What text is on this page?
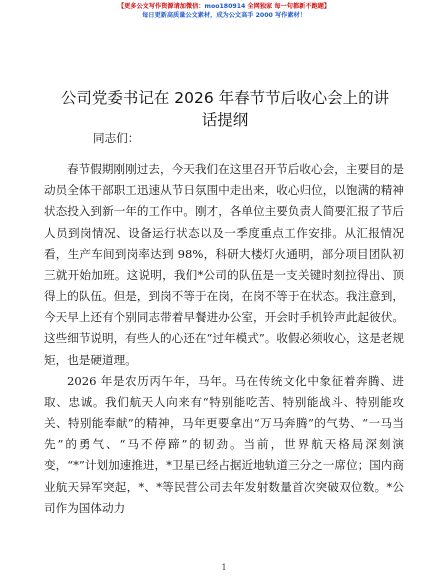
【更多公文写作资源请加微信：moo180914 全网独家 每一句都新不跑题】
每日更新高质量公文素材，成为公文高手 2000 写作素材！
公司党委书记在 2026 年春节节后收心会上的讲话提纲

同志们：

春节假期刚刚过去，今天我们在这里召开节后收心会，主要目的是动员全体干部职工迅速从节日氛围中走出来，收心归位，以饱满的精神状态投入到新一年的工作中。刚才，各单位主要负责人简要汇报了节后人员到岗情况、设备运行状态以及一季度重点工作安排。从汇报情况看，生产车间到岗率达到 98%，科研大楼灯火通明，部分项目团队初三就开始加班。这说明，我们*公司的队伍是一支关键时刻拉得出、顶得上的队伍。但是，到岗不等于在岗，在岗不等于在状态。我注意到，今天早上还有个别同志带着早餐进办公室，开会时手机铃声此起彼伏。这些细节说明，有些人的心还在“过年模式”。收假必须收心，这是老规矩，也是硬道理。

2026 年是农历丙午年，马年。马在传统文化中象征着奔腾、进取、忠诚。我们航天人向来有“特别能吃苦、特别能战斗、特别能攻关、特别能奉献”的精神，马年更要拿出“万马奔腾”的气势、“一马当先”的勇气、“马不停蹄”的韧劲。当前，世界航天格局深刻演变，“*”计划加速推进，*卫星已经占据近地轨道三分之一席位；国内商业航天异军突起，*、*等民营公司去年发射数量首次突破双位数。*公司作为国体动力

1
